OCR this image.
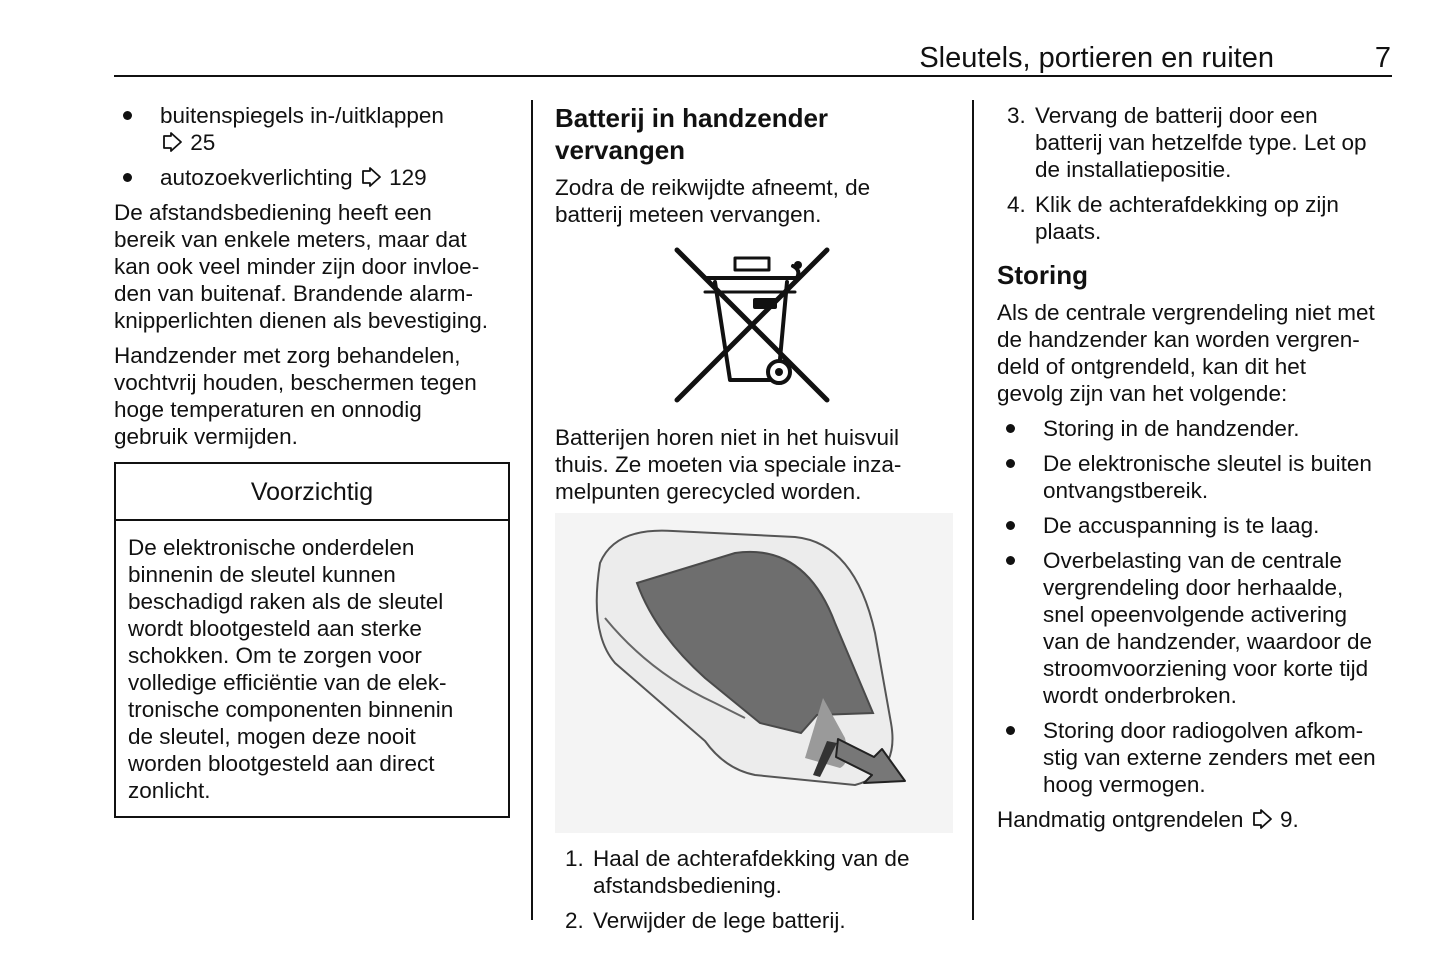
Sleutels, portieren en ruiten	7
buitenspiegels in-/uitklappen
25
autozoekverlichting 129

De afstandsbediening heeft een
bereik van enkele meters, maar dat
kan ook veel minder zijn door invloe-
den van buitenaf. Brandende alarm-
knipperlichten dienen als bevestiging.

Handzender met zorg behandelen,
vochtvrij houden, beschermen tegen
hoge temperaturen en onnodig
gebruik vermijden.

Voorzichtig
De elektronische onderdelen
binnenin de sleutel kunnen
beschadigd raken als de sleutel
wordt blootgesteld aan sterke
schokken. Om te zorgen voor
volledige efficiëntie van de elek-
tronische componenten binnenin
de sleutel, mogen deze nooit
worden blootgesteld aan direct
zonlicht.
Batterij in handzender vervangen

Zodra de reikwijdte afneemt, de
batterij meteen vervangen.

Batterijen horen niet in het huisvuil
thuis. Ze moeten via speciale inza-
melpunten gerecycled worden.

1. Haal de achterafdekking van de
afstandsbediening.
2. Verwijder de lege batterij.
3. Vervang de batterij door een
batterij van hetzelfde type. Let op
de installatiepositie.
4. Klik de achterafdekking op zijn
plaats.
Storing

Als de centrale vergrendeling niet met
de handzender kan worden vergren-
deld of ontgrendeld, kan dit het
gevolg zijn van het volgende:

Storing in de handzender.
De elektronische sleutel is buiten
ontvangstbereik.
De accuspanning is te laag.
Overbelasting van de centrale
vergrendeling door herhaalde,
snel opeenvolgende activering
van de handzender, waardoor de
stroomvoorziening voor korte tijd
wordt onderbroken.
Storing door radiogolven afkom-
stig van externe zenders met een
hoog vermogen.

Handmatig ontgrendelen 9.
